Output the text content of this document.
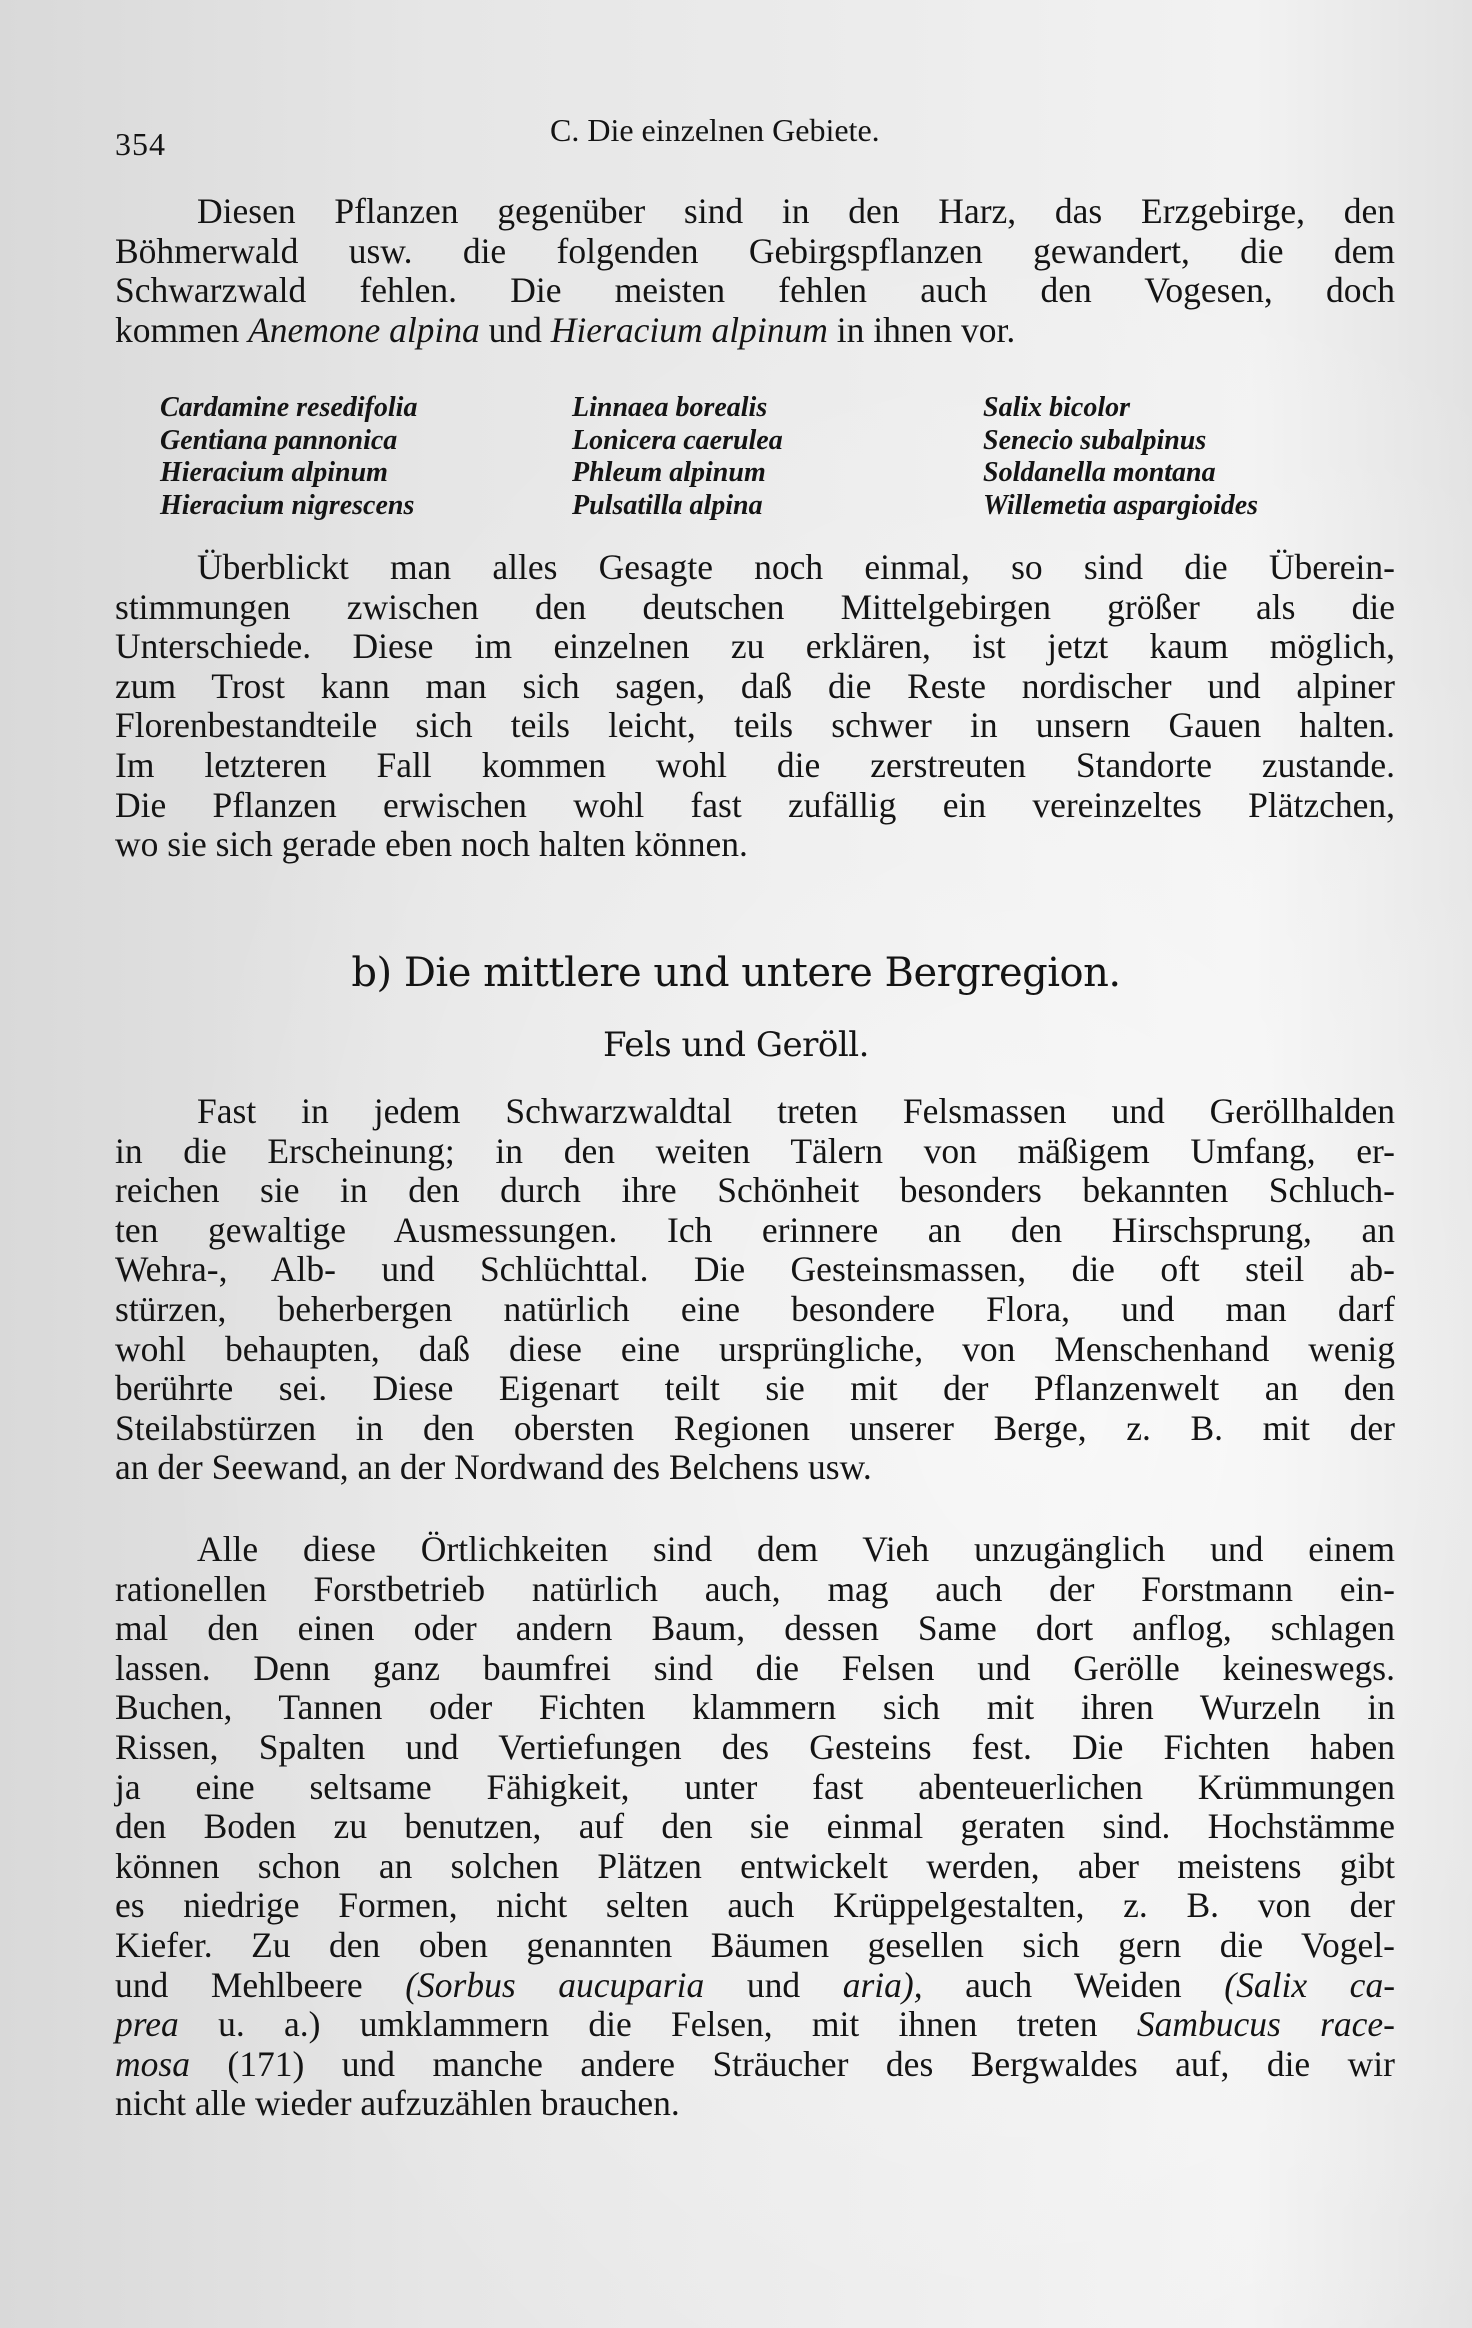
354	C. Die einzelnen Gebiete.
Diesen Pflanzen gegenüber sind in den Harz, das Erzgebirge, den
Böhmerwald usw. die folgenden Gebirgspflanzen gewandert, die dem
Schwarzwald fehlen. Die meisten fehlen auch den Vogesen, doch
kommen Anemone alpina und Hieracium alpinum in ihnen vor.
Cardamine resedifolia
Gentiana pannonica
Hieracium alpinum
Hieracium nigrescens
Linnaea borealis
Lonicera caerulea
Phleum alpinum
Pulsatilla alpina
Salix bicolor
Senecio subalpinus
Soldanella montana
Willemetia aspargioides
Überblickt man alles Gesagte noch einmal, so sind die Überein-
stimmungen zwischen den deutschen Mittelgebirgen größer als die
Unterschiede. Diese im einzelnen zu erklären, ist jetzt kaum möglich,
zum Trost kann man sich sagen, daß die Reste nordischer und alpiner
Florenbestandteile sich teils leicht, teils schwer in unsern Gauen halten.
Im letzteren Fall kommen wohl die zerstreuten Standorte zustande.
Die Pflanzen erwischen wohl fast zufällig ein vereinzeltes Plätzchen,
wo sie sich gerade eben noch halten können.
b) Die mittlere und untere Bergregion.
Fels und Geröll.
Fast in jedem Schwarzwaldtal treten Felsmassen und Geröllhalden
in die Erscheinung; in den weiten Tälern von mäßigem Umfang, er-
reichen sie in den durch ihre Schönheit besonders bekannten Schluch-
ten gewaltige Ausmessungen. Ich erinnere an den Hirschsprung, an
Wehra-, Alb- und Schlüchttal. Die Gesteinsmassen, die oft steil ab-
stürzen, beherbergen natürlich eine besondere Flora, und man darf
wohl behaupten, daß diese eine ursprüngliche, von Menschenhand wenig
berührte sei. Diese Eigenart teilt sie mit der Pflanzenwelt an den
Steilabstürzen in den obersten Regionen unserer Berge, z. B. mit der
an der Seewand, an der Nordwand des Belchens usw.
Alle diese Örtlichkeiten sind dem Vieh unzugänglich und einem
rationellen Forstbetrieb natürlich auch, mag auch der Forstmann ein-
mal den einen oder andern Baum, dessen Same dort anflog, schlagen
lassen. Denn ganz baumfrei sind die Felsen und Gerölle keineswegs.
Buchen, Tannen oder Fichten klammern sich mit ihren Wurzeln in
Rissen, Spalten und Vertiefungen des Gesteins fest. Die Fichten haben
ja eine seltsame Fähigkeit, unter fast abenteuerlichen Krümmungen
den Boden zu benutzen, auf den sie einmal geraten sind. Hochstämme
können schon an solchen Plätzen entwickelt werden, aber meistens gibt
es niedrige Formen, nicht selten auch Krüppelgestalten, z. B. von der
Kiefer. Zu den oben genannten Bäumen gesellen sich gern die Vogel-
und Mehlbeere (Sorbus aucuparia und aria), auch Weiden (Salix ca-
prea u. a.) umklammern die Felsen, mit ihnen treten Sambucus race-
mosa (171) und manche andere Sträucher des Bergwaldes auf, die wir
nicht alle wieder aufzuzählen brauchen.
